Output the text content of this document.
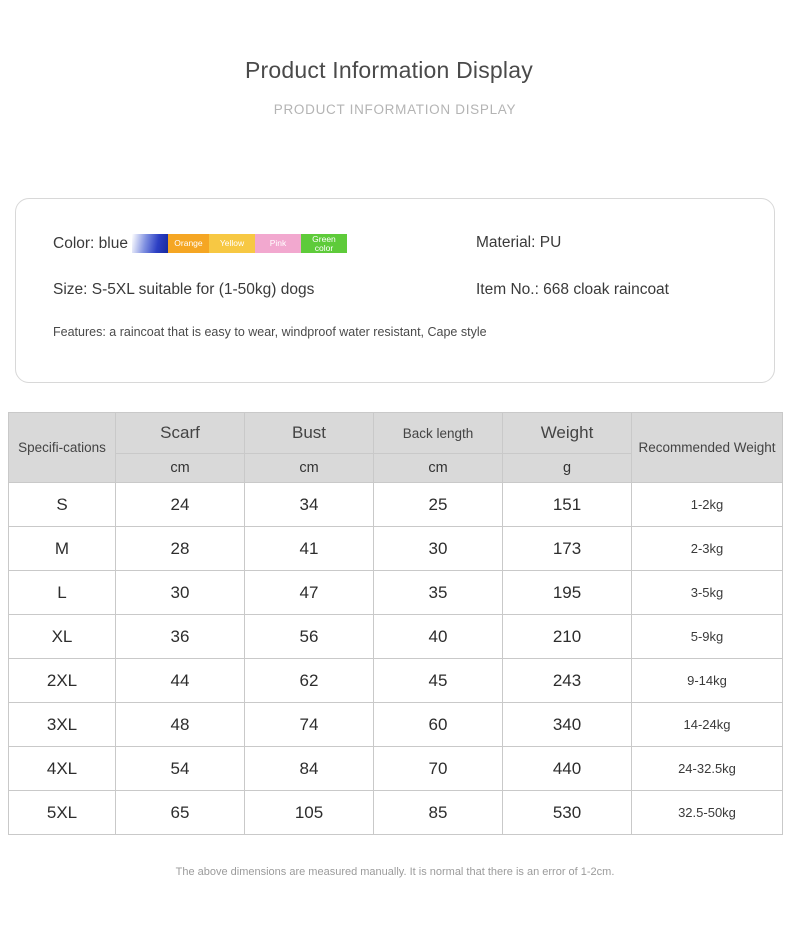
Product Information Display
PRODUCT INFORMATION DISPLAY
Color: blue	Orange	Yellow	Pink	Green color	Material: PU
Size: S-5XL suitable for (1-50kg) dogs	Item No.: 668 cloak raincoat
Features: a raincoat that is easy to wear, windproof water resistant, Cape style
Specifi-cations	Scarf	Bust	Back length	Weight	Recommended Weight
	cm	cm	cm	g	
S	24	34	25	151	1-2kg
M	28	41	30	173	2-3kg
L	30	47	35	195	3-5kg
XL	36	56	40	210	5-9kg
2XL	44	62	45	243	9-14kg
3XL	48	74	60	340	14-24kg
4XL	54	84	70	440	24-32.5kg
5XL	65	105	85	530	32.5-50kg
The above dimensions are measured manually. It is normal that there is an error of 1-2cm.
